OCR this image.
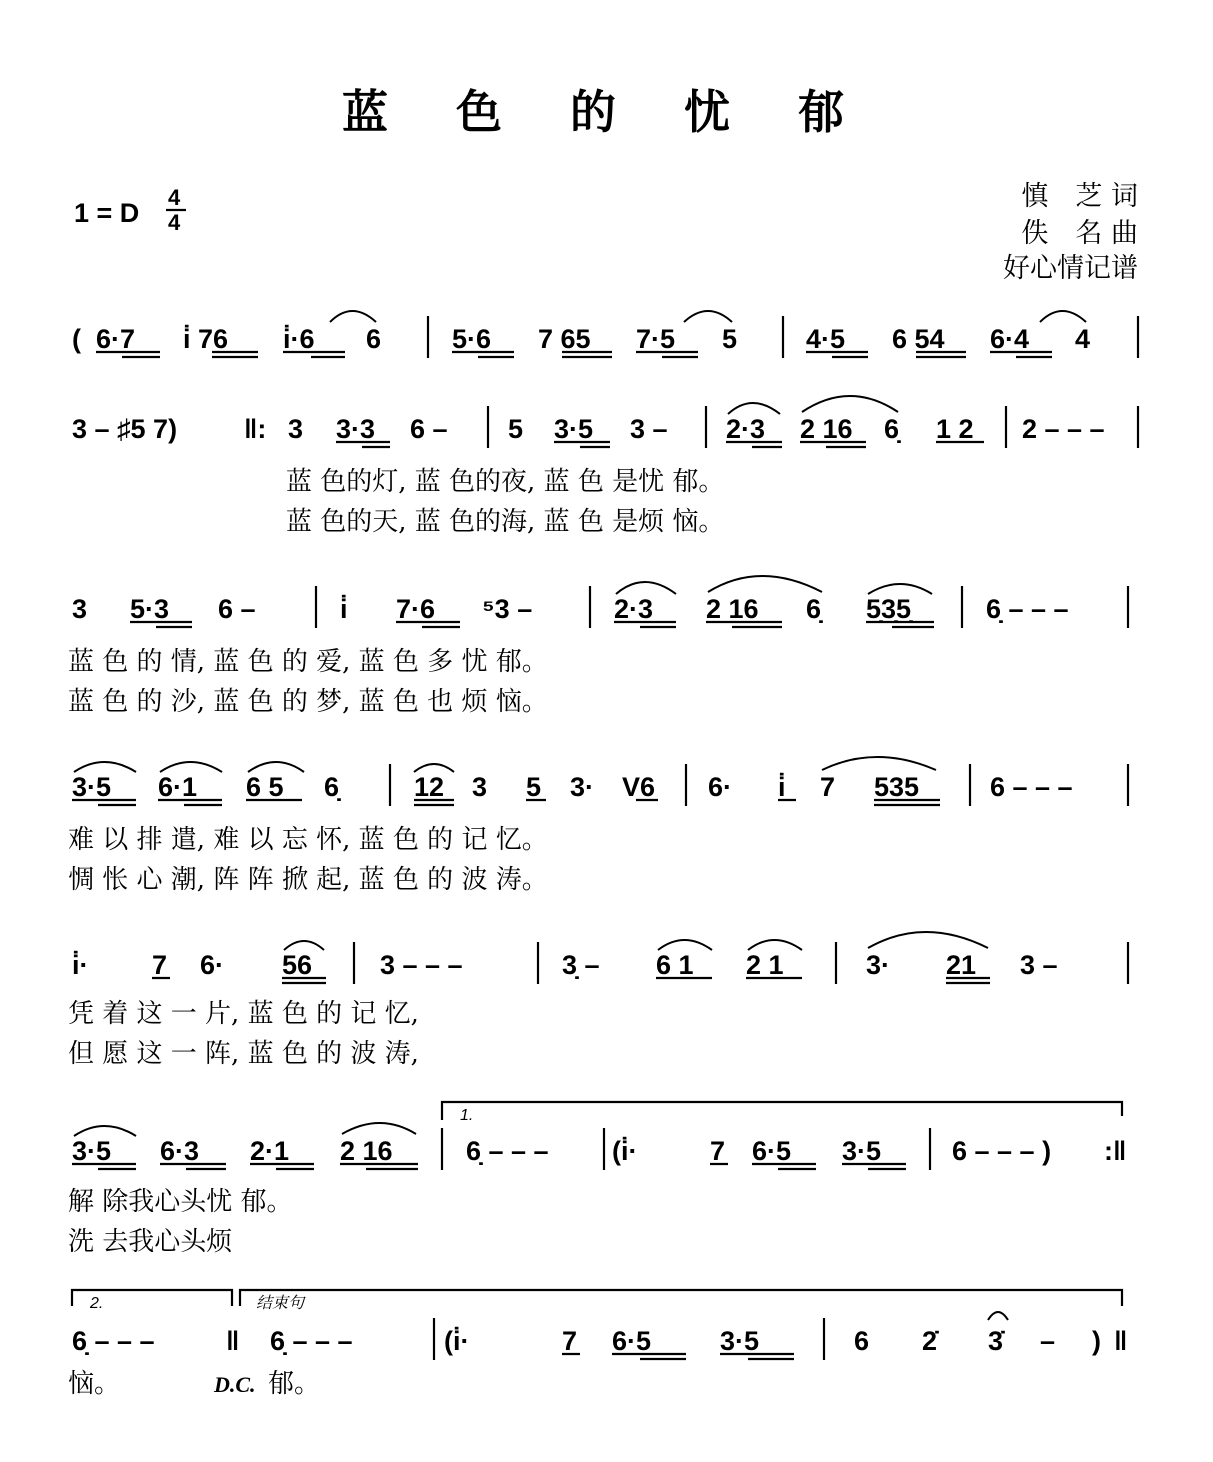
蓝 色 的 忧 郁
1 = D
4
4
慎　芝 词
佚　名 曲
好心情记谱
( 6·7 i̇ 76 i̇·6 6	5·6 7 65 7·5 5	4·5 6 54 6·4 4
3 – ♯5 7) ‖: 3 3·3 6 – 5 3·5 3 – 2·3 2 16 6̣ 1 2 2 – – –
蓝 色的灯, 蓝 色的夜, 蓝 色 是忧 郁。
蓝 色的天, 蓝 色的海, 蓝 色 是烦 恼。
3 5·3 6 –	i̇ 7·6 ⁵3 –	2·3 2 16 6̣ 5̣3̣5̣	6̣ – – –
蓝 色 的 情, 蓝 色 的 爱, 蓝 色 多 忧 郁。
蓝 色 的 沙, 蓝 色 的 梦, 蓝 色 也 烦 恼。
3·5 6·1 6 5 6̣	12 3 5 3· V6 6· i̇ 7 535	6 – – –
难 以 排 遣, 难 以 忘 怀, 蓝 色 的 记 忆。
惆 怅 心 潮, 阵 阵 掀 起, 蓝 色 的 波 涛。
i̇· 7 6· 56	3 – – –	3̣ – 6 1 2 1	3· 21 3 –
凭 着 这 一 片, 蓝 色 的 记 忆,
但 愿 这 一 阵, 蓝 色 的 波 涛,
1.
3·5 6·3 2·1 2 16	6̣ – – – (i̇·	7 6·5 3·5	6 – – – ) :‖
解 除我心头忧 郁。
洗 去我心头烦
2.	结束句
6̣ – – –	‖ 6̣ – – –	(i̇·	7 6·5	3·5	6 2̇ 3̇ – ) ‖
恼。	D.C. 郁。
